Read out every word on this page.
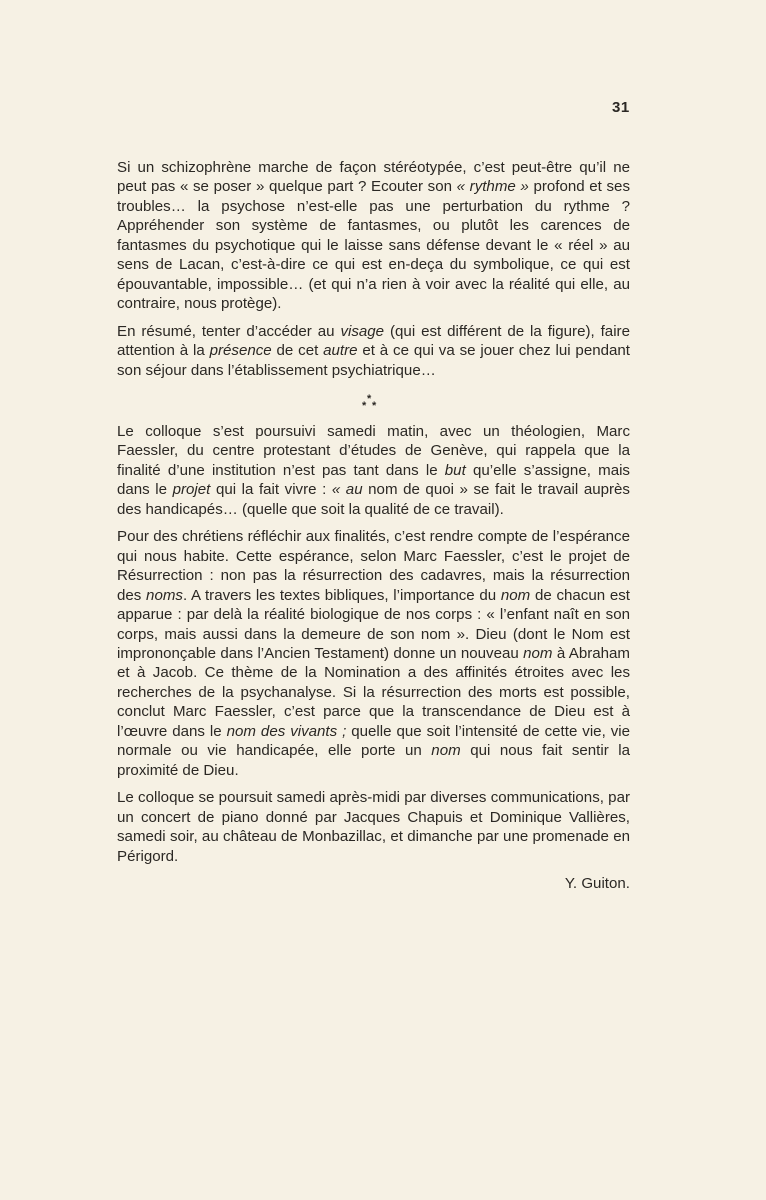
31

Si un schizophrène marche de façon stéréotypée, c’est peut-être qu’il ne peut pas « se poser » quelque part ? Ecouter son « rythme » profond et ses troubles… la psychose n’est-elle pas une perturbation du rythme ? Appréhender son système de fantasmes, ou plutôt les carences de fantasmes du psychotique qui le laisse sans défense devant le « réel » au sens de Lacan, c’est-à-dire ce qui est en-deça du symbolique, ce qui est épouvantable, impossible… (et qui n’a rien à voir avec la réalité qui elle, au contraire, nous protège).

En résumé, tenter d’accéder au visage (qui est différent de la figure), faire attention à la présence de cet autre et à ce qui va se jouer chez lui pendant son séjour dans l’établissement psychiatrique…

*
* *

Le colloque s’est poursuivi samedi matin, avec un théologien, Marc Faessler, du centre protestant d’études de Genève, qui rappela que la finalité d’une institution n’est pas tant dans le but qu’elle s’assigne, mais dans le projet qui la fait vivre : « au nom de quoi » se fait le travail auprès des handicapés… (quelle que soit la qualité de ce travail).

Pour des chrétiens réfléchir aux finalités, c’est rendre compte de l’espérance qui nous habite. Cette espérance, selon Marc Faessler, c’est le projet de Résurrection : non pas la résurrection des cadavres, mais la résurrection des noms. A travers les textes bibliques, l’importance du nom de chacun est apparue : par delà la réalité biologique de nos corps : « l’enfant naît en son corps, mais aussi dans la demeure de son nom ». Dieu (dont le Nom est imprononçable dans l’Ancien Testament) donne un nouveau nom à Abraham et à Jacob. Ce thème de la Nomination a des affinités étroites avec les recherches de la psychanalyse. Si la résurrection des morts est possible, conclut Marc Faessler, c’est parce que la transcendance de Dieu est à l’œuvre dans le nom des vivants ; quelle que soit l’intensité de cette vie, vie normale ou vie handicapée, elle porte un nom qui nous fait sentir la proximité de Dieu.

Le colloque se poursuit samedi après-midi par diverses communications, par un concert de piano donné par Jacques Chapuis et Dominique Vallières, samedi soir, au château de Monbazillac, et dimanche par une promenade en Périgord.

Y. Guiton.
